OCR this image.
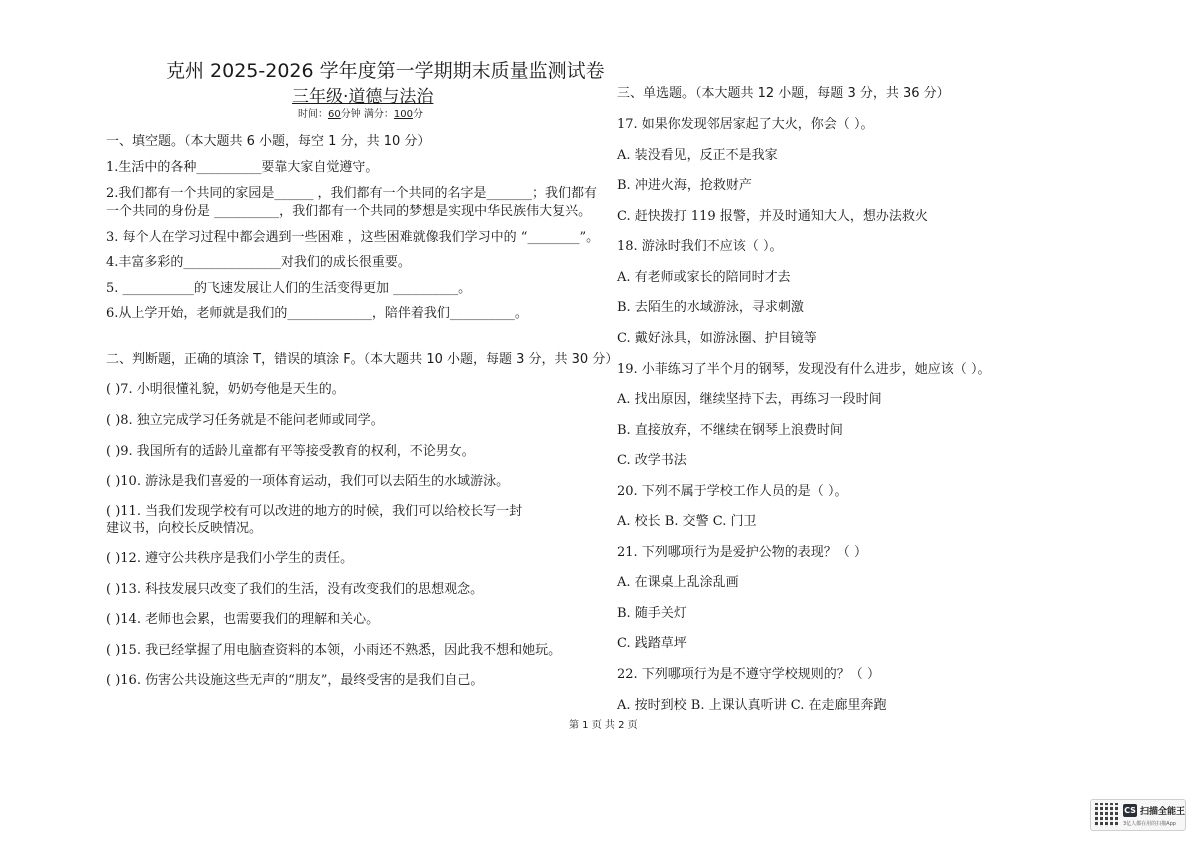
克州 2025-2026 学年度第一学期期末质量监测试卷
三年级·道德与法治
时间：60分钟 满分：100分
一、填空题。（本大题共 6 小题，每空 1 分，共 10 分）
1.生活中的各种__________要靠大家自觉遵守。
2.我们都有一个共同的家园是______ ，我们都有一个共同的名字是_______；我们都有
一个共同的身份是 __________，我们都有一个共同的梦想是实现中华民族伟大复兴。
3. 每个人在学习过程中都会遇到一些困难 ，这些困难就像我们学习中的 “________”。
4.丰富多彩的_______________对我们的成长很重要。
5. ___________的飞速发展让人们的生活变得更加 __________。
6.从上学开始，老师就是我们的_____________，陪伴着我们__________。
二、判断题，正确的填涂 T，错误的填涂 F。（本大题共 10 小题，每题 3 分，共 30 分）
( )7. 小明很懂礼貌，奶奶夸他是天生的。
( )8. 独立完成学习任务就是不能问老师或同学。
( )9. 我国所有的适龄儿童都有平等接受教育的权利，不论男女。
( )10. 游泳是我们喜爱的一项体育运动，我们可以去陌生的水域游泳。
( )11. 当我们发现学校有可以改进的地方的时候，我们可以给校长写一封
建议书，向校长反映情况。
( )12. 遵守公共秩序是我们小学生的责任。
( )13. 科技发展只改变了我们的生活，没有改变我们的思想观念。
( )14. 老师也会累，也需要我们的理解和关心。
( )15. 我已经掌握了用电脑查资料的本领，小雨还不熟悉，因此我不想和她玩。
( )16. 伤害公共设施这些无声的“朋友”，最终受害的是我们自己。
三、单选题。（本大题共 12 小题，每题 3 分，共 36 分）
17. 如果你发现邻居家起了大火，你会（ ）。
A. 装没看见，反正不是我家
B. 冲进火海，抢救财产
C. 赶快拨打 119 报警，并及时通知大人，想办法救火
18. 游泳时我们不应该（ ）。
A. 有老师或家长的陪同时才去
B. 去陌生的水域游泳，寻求刺激
C. 戴好泳具，如游泳圈、护目镜等
19. 小菲练习了半个月的钢琴，发现没有什么进步，她应该（ ）。
A. 找出原因，继续坚持下去，再练习一段时间
B. 直接放弃，不继续在钢琴上浪费时间
C. 改学书法
20. 下列不属于学校工作人员的是（ ）。
A. 校长 B. 交警 C. 门卫
21. 下列哪项行为是爱护公物的表现？（ ）
A. 在课桌上乱涂乱画
B. 随手关灯
C. 践踏草坪
22. 下列哪项行为是不遵守学校规则的？（ ）
A. 按时到校 B. 上课认真听讲 C. 在走廊里奔跑
第 1 页 共 2 页
CS 扫描全能王
3亿人都在用的扫描App
